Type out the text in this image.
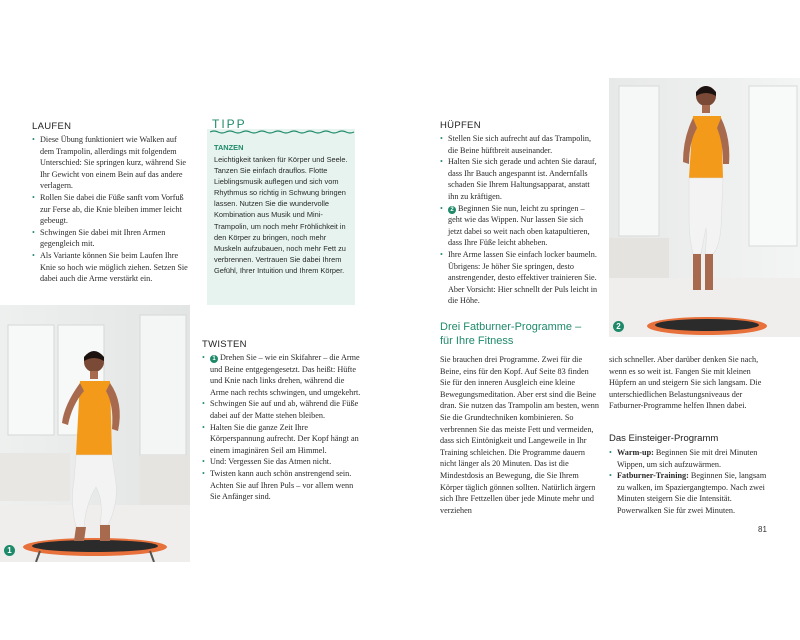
LAUFEN
• Diese Übung funktioniert wie Walken auf dem Trampolin, allerdings mit folgendem Unterschied: Sie springen kurz, während Sie Ihr Gewicht von einem Bein auf das andere verlagern.
• Rollen Sie dabei die Füße sanft vom Vorfuß zur Ferse ab, die Knie bleiben immer leicht gebeugt.
• Schwingen Sie dabei mit Ihren Armen gegengleich mit.
• Als Variante können Sie beim Laufen Ihre Knie so hoch wie möglich ziehen. Setzen Sie dabei auch die Arme verstärkt ein.
TIPP
TANZEN
Leichtigkeit tanken für Körper und Seele. Tanzen Sie einfach drauflos. Flotte Lieblingsmusik auflegen und sich vom Rhythmus so richtig in Schwung bringen lassen. Nutzen Sie die wundervolle Kombination aus Musik und Mini-Trampolin, um noch mehr Fröhlichkeit in den Körper zu bringen, noch mehr Muskeln aufzubauen, noch mehr Fett zu verbrennen. Vertrauen Sie dabei Ihrem Gefühl, Ihrer Intuition und Ihrem Körper.
1
TWISTEN
• 1 Drehen Sie – wie ein Skifahrer – die Arme und Beine entgegengesetzt. Das heißt: Hüfte und Knie nach links drehen, während die Arme nach rechts schwingen, und umgekehrt.
• Schwingen Sie auf und ab, während die Füße dabei auf der Matte stehen bleiben.
• Halten Sie die ganze Zeit Ihre Körperspannung aufrecht. Der Kopf hängt an einem imaginären Seil am Himmel.
• Und: Vergessen Sie das Atmen nicht.
• Twisten kann auch schön anstrengend sein. Achten Sie auf Ihren Puls – vor allem wenn Sie Anfänger sind.
HÜPFEN
• Stellen Sie sich aufrecht auf das Trampolin, die Beine hüftbreit auseinander.
• Halten Sie sich gerade und achten Sie darauf, dass Ihr Bauch angespannt ist. Andernfalls schaden Sie Ihrem Haltungsapparat, anstatt ihn zu kräftigen.
• 2 Beginnen Sie nun, leicht zu springen – geht wie das Wippen. Nur lassen Sie sich jetzt dabei so weit nach oben katapultieren, dass Ihre Füße leicht abheben.
• Ihre Arme lassen Sie einfach locker baumeln. Übrigens: Je höher Sie springen, desto anstrengender, desto effektiver trainieren Sie. Aber Vorsicht: Hier schnellt der Puls leicht in die Höhe.
2
Drei Fatburner-Programme –
für Ihre Fitness
Sie brauchen drei Programme. Zwei für die Beine, eins für den Kopf. Auf Seite 83 finden Sie für den inneren Ausgleich eine kleine Bewegungsmeditation. Aber erst sind die Beine dran. Sie nutzen das Trampolin am besten, wenn Sie die Grundtechniken kombinieren. So verbrennen Sie das meiste Fett und vermeiden, dass sich Eintönigkeit und Langeweile in Ihr Training schleichen. Die Programme dauern nicht länger als 20 Minuten. Das ist die Mindestdosis an Bewegung, die Sie Ihrem Körper täglich gönnen sollten. Natürlich ärgern sich Ihre Fettzellen über jede Minute mehr und verziehen
sich schneller. Aber darüber denken Sie nach, wenn es so weit ist. Fangen Sie mit kleinen Hüpfern an und steigern Sie sich langsam. Die unterschiedlichen Belastungsniveaus der Fatburner-Programme helfen Ihnen dabei.
Das Einsteiger-Programm
• Warm-up: Beginnen Sie mit drei Minuten Wippen, um sich aufzuwärmen.
• Fatburner-Training: Beginnen Sie, langsam zu walken, im Spaziergangtempo. Nach zwei Minuten steigern Sie die Intensität. Powerwalken Sie für zwei Minuten.
81
